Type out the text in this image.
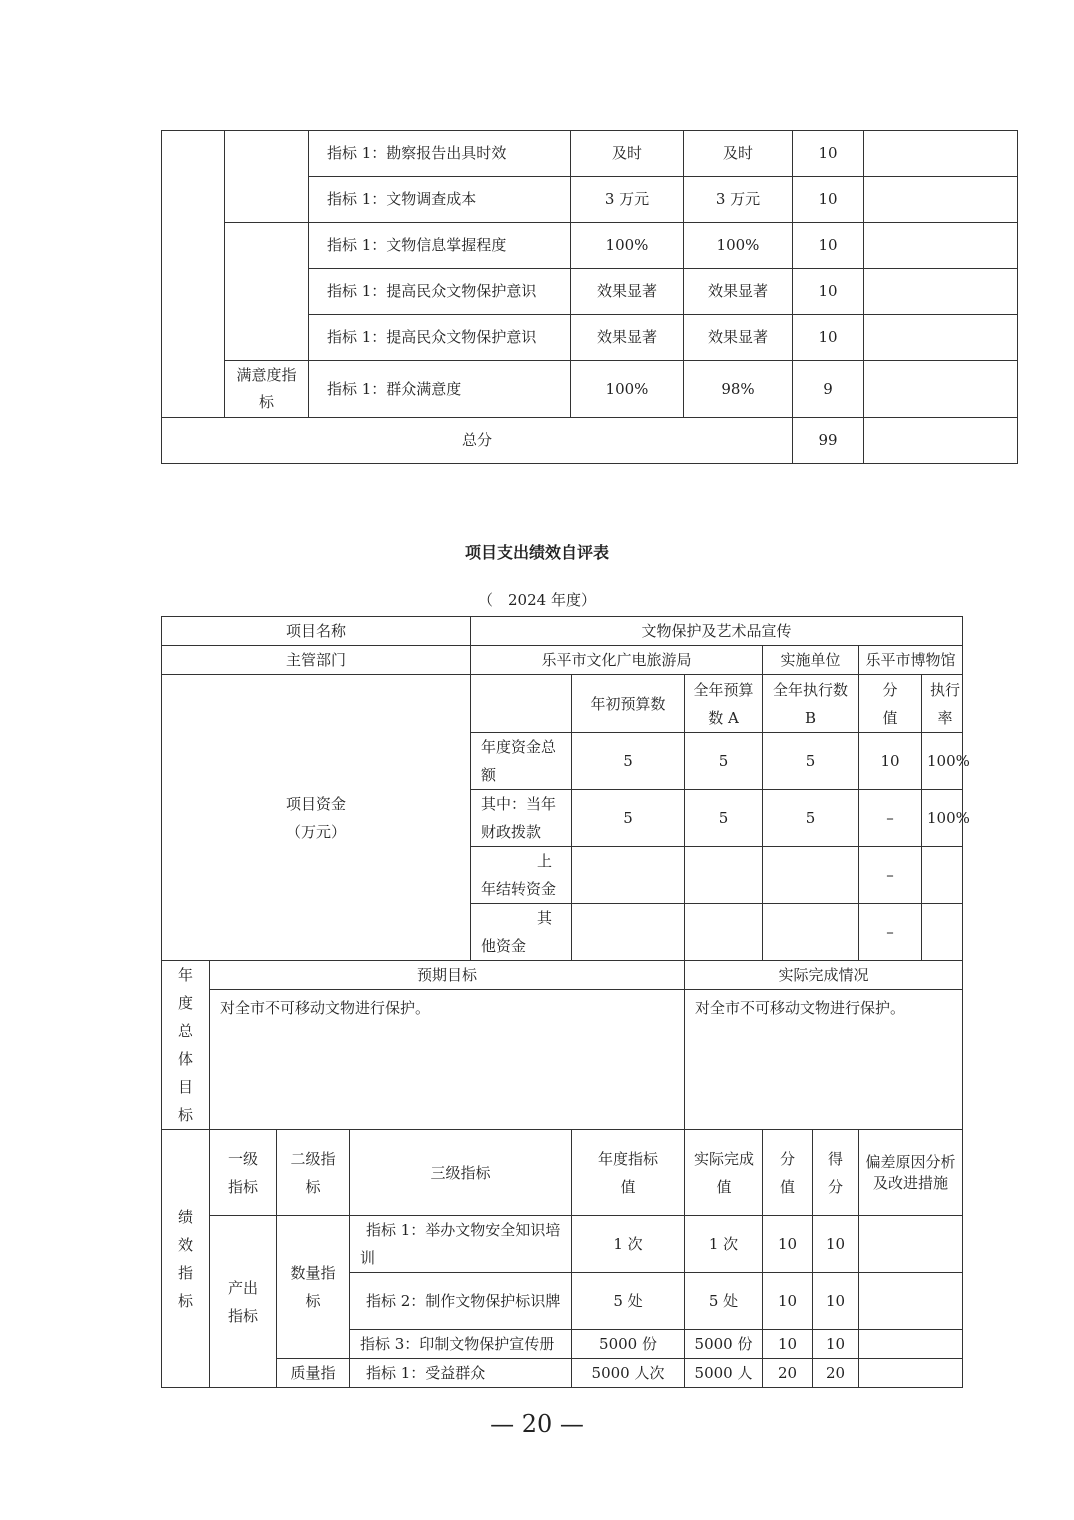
		指标 1：勘察报告出具时效	及时	及时	10	
		指标 1：文物调查成本	3 万元	3 万元	10	
		指标 1：文物信息掌握程度	100%	100%	10	
		指标 1：提高民众文物保护意识	效果显著	效果显著	10	
		指标 1：提高民众文物保护意识	效果显著	效果显著	10	
	满意度指标	指标 1：群众满意度	100%	98%	9	
总分					99	
项目支出绩效自评表
（　2024 年度）
项目名称				文物保护及艺术品宣传							
主管部门				乐平市文化广电旅游局			实施单位		乐平市博物馆		
项目资金（万元）					年初预算数	全年预算数 A	全年执行数 B		分值	执行率	
				年度资金总额	5	5	5		10	100%	
				其中：当年财政拨款	5	5	5		–	100%	
				上年结转资金					–		
				其他资金					–		
年度总体目标	预期目标					实际完成情况					
	对全市不可移动文物进行保护。					对全市不可移动文物进行保护。					
绩效指标	一级指标	二级指标	三级指标		年度指标值	实际完成值	分值	得分	偏差原因分析　及改进措施		
	产出指标	数量指标	指标 1：举办文物安全知识培训		1 次	1 次	10	10			
			指标 2：制作文物保护标识牌		5 处	5 处	10	10			
			指标 3：印制文物保护宣传册		5000 份	5000 份	10	10			
		质量指	指标 1：受益群众		5000 人次	5000 人	20	20			
— 20 —
